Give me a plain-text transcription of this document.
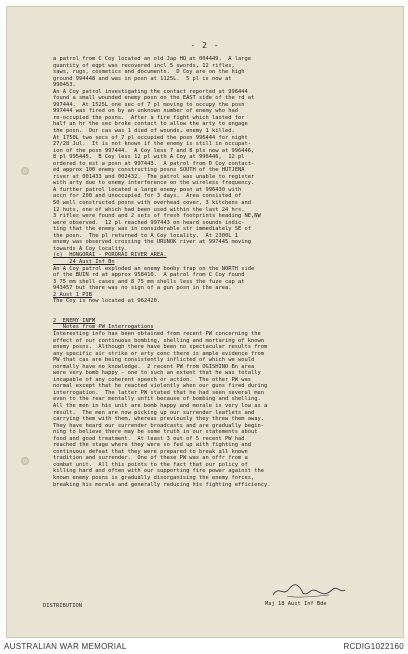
- 2 -
a patrol from C Coy located an old Jap HQ at 004449.  A large
quantity of eqpt was recovered incl 5 swords, 12 rifles,
saws, rugs, cosmetics and documents.  D Coy are on the high
ground 994448 and was in posn at 1125L.  5 pl is now at
990453.
An A Coy patrol investigating the contact reported at 996444
found a small wounded enemy posn on the EAST side of the rd at
997444.  At 1525L one sec of 7 pl moving to occupy the posn
997444 was fired on by an unknown number of enemy who had
re-occupied the posns.  After a fire fight which lasted for
half an hr the sec broke contact to allow the arty to engage
the posn.  Our cas was 1 died of wounds, enemy 1 killed.
At 1750L two secs of 7 pl occupied the posn 996444 for night
27/28 Jul.  It is not known if the enemy is still in occupat-
ion of the posn 997444.  A Coy less 7 and 8 pls now at 996446,
8 pl 995445.  B Coy less 12 pl with A Coy at 996446,  12 pl
ordered to est a posn at 997443.  A patrol from D Coy contact-
ed approx 100 enemy constructing posns SOUTH of the HUTJENA
river at 001433 and 002432.  The patrol was unable to register
with arty due to enemy interference on the wireless frequency.
A further patrol located a large enemy posn at 996430 with
accn for 200 and unoccupied for 3 days.  Area consisted of
50 well constructed posns with overhead cover, 3 kitchens and
12 huts, one of which had been used within the last 24 hrs.
3 rifles were found and 2 sets of fresh footprints heading NE,NW
were observed.  12 pl reached 997443 on heard sounds indic-
ting that the enemy was in considerable str immediately SE of
the posn.  The pl returned to A Coy locality.  At 2300L 1
enemy was observed crossing the URUNOK river at 997445 moving
towards A Coy locality.
(c)  HONGORAI - PORORAI RIVER AREA.
24 Aust Inf Bn
An A Coy patrol exploded an enemy booby trap on the NORTH side
of the BUIN rd at approx 958416.  A patrol from C Coy found
3 75 mm shell cases and 8 75 mm shells less the fuze cap at
943457 but there was no sign of a gun posn in the area.
2 Aust 1 PIB
The Coy is now located at 962420.

2  ENEMY INFM
Notes from PW Interrogations
Interesting info has been obtained from recent PW concerning the
effect of our continuous bombing, shelling and mortaring of known
enemy posns.  Although there have been no spectacular results from
any specific air strike or arty conc there is ample evidence from
PW that cas are being consistently inflicted of which we would
normally have no knowledge.  2 recent PW from OGISHINO Bn area
were very bomb happy - one to such an extent that he was totally
incapable of any coherent speech or action.  The other PW was
normal except that he reacted violently when our guns fired during
interrogation.  The latter PW stated that he had seen several men
even to the rear mentally unfit because of bombing and shelling.
All the men in his unit are bomb happy and morale is very low as a
result.  The men are now picking up our surrender leaflets and
carrying them with them, whereas previously they threw them away.
They have heard our surrender broadcasts and are gradually begin-
ning to believe there may be some truth in our statements about
food and good treatment.  At least 3 out of 5 recent PW had
reached the stage where they were so fed up with fighting and
continuous defeat that they were prepared to break all known
tradition and surrender.  One of these PW was an offr from a
combat unit.  All this points to the fact that our policy of
killing hard and often with our supporting fire power against the
known enemy posns is gradually disorganising the enemy forces,
breaking his morale and generally reducing his fighting efficiency.
DISTRIBUTION	Maj 18 Aust Inf Bde
AUSTRALIAN WAR MEMORIAL	RCDIG1022160
